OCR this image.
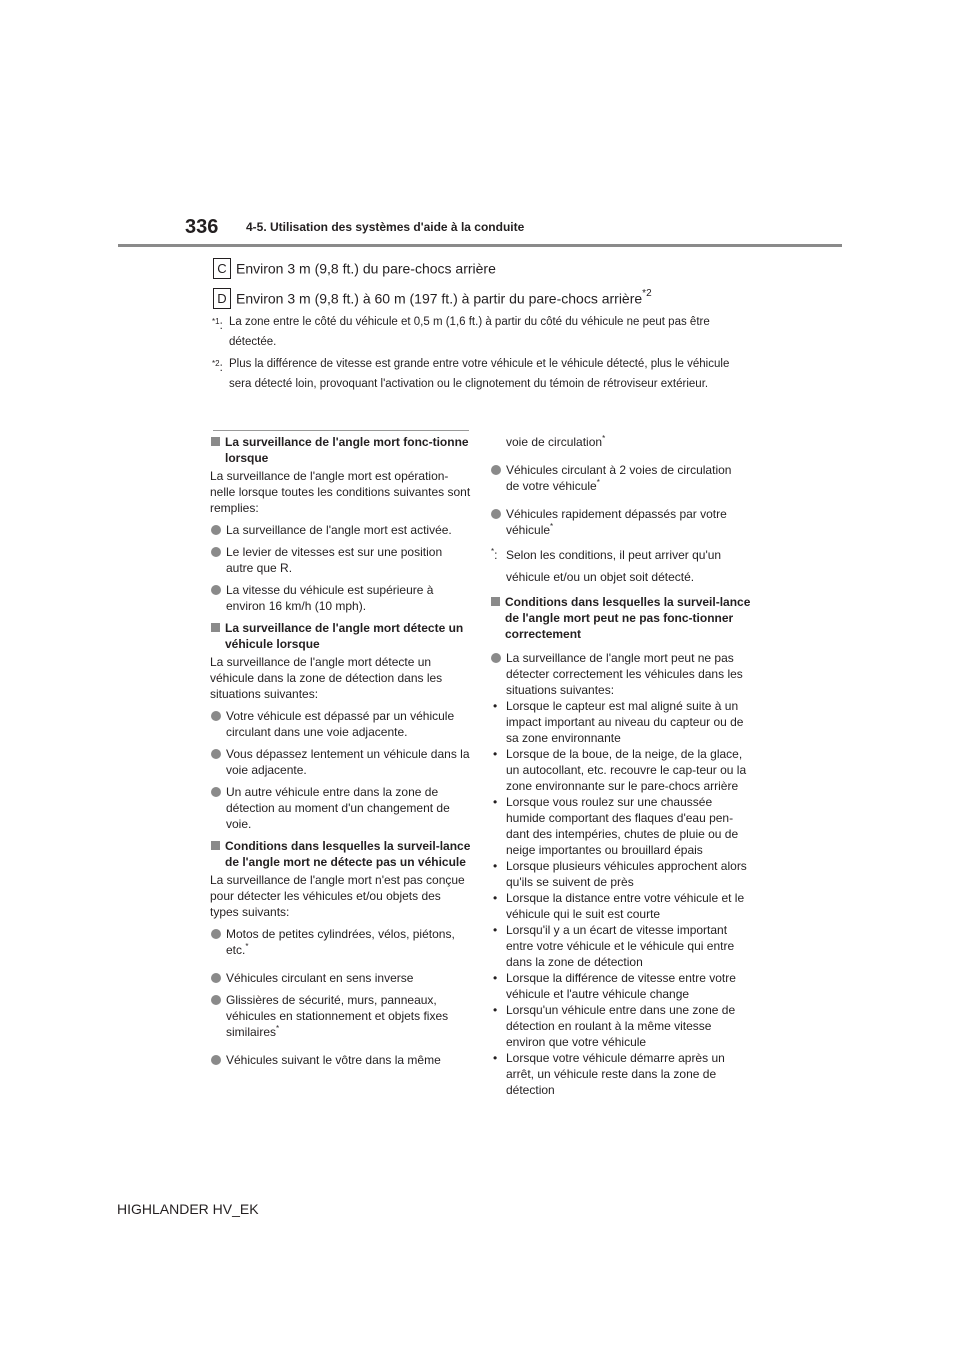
336 4-5. Utilisation des systèmes d'aide à la conduite
C Environ 3 m (9,8 ft.) du pare-chocs arrière
D Environ 3 m (9,8 ft.) à 60 m (197 ft.) à partir du pare-chocs arrière$^{*2}$
$^{*1}$: La zone entre le côté du véhicule et 0,5 m (1,6 ft.) à partir du côté du véhicule ne peut pas être détectée.
$^{*2}$: Plus la différence de vitesse est grande entre votre véhicule et le véhicule détecté, plus le véhicule sera détecté loin, provoquant l'activation ou le clignotement du témoin de rétroviseur extérieur.
La surveillance de l'angle mort fonc-tionne lorsque
La surveillance de l'angle mort est opération-nelle lorsque toutes les conditions suivantes sont remplies:
La surveillance de l'angle mort est activée.
Le levier de vitesses est sur une position autre que R.
La vitesse du véhicule est supérieure à environ 16 km/h (10 mph).
La surveillance de l'angle mort détecte un véhicule lorsque
La surveillance de l'angle mort détecte un véhicule dans la zone de détection dans les situations suivantes:
Votre véhicule est dépassé par un véhicule circulant dans une voie adjacente.
Vous dépassez lentement un véhicule dans la voie adjacente.
Un autre véhicule entre dans la zone de détection au moment d'un changement de voie.
Conditions dans lesquelles la surveil-lance de l'angle mort ne détecte pas un véhicule
La surveillance de l'angle mort n'est pas conçue pour détecter les véhicules et/ou objets des types suivants:
Motos de petites cylindrées, vélos, piétons,
etc.*
Véhicules circulant en sens inverse
Glissières de sécurité, murs, panneaux, véhicules en stationnement et objets fixes
similaires*
Véhicules suivant le vôtre dans la même
voie de circulation*
Véhicules circulant à 2 voies de circulation
de votre véhicule*
Véhicules rapidement dépassés par votre
véhicule*
*: Selon les conditions, il peut arriver qu'un véhicule et/ou un objet soit détecté.
Conditions dans lesquelles la surveil-lance de l'angle mort peut ne pas fonc-tionner correctement
La surveillance de l'angle mort peut ne pas détecter correctement les véhicules dans les situations suivantes:
• Lorsque le capteur est mal aligné suite à un impact important au niveau du capteur ou de sa zone environnante
• Lorsque de la boue, de la neige, de la glace, un autocollant, etc. recouvre le cap-teur ou la zone environnante sur le pare-chocs arrière
• Lorsque vous roulez sur une chaussée humide comportant des flaques d'eau pen-dant des intempéries, chutes de pluie ou de neige importantes ou brouillard épais
• Lorsque plusieurs véhicules approchent alors qu'ils se suivent de près
• Lorsque la distance entre votre véhicule et le véhicule qui le suit est courte
• Lorsqu'il y a un écart de vitesse important entre votre véhicule et le véhicule qui entre dans la zone de détection
• Lorsque la différence de vitesse entre votre véhicule et l'autre véhicule change
• Lorsqu'un véhicule entre dans une zone de détection en roulant à la même vitesse environ que votre véhicule
• Lorsque votre véhicule démarre après un arrêt, un véhicule reste dans la zone de détection
HIGHLANDER HV_EK
